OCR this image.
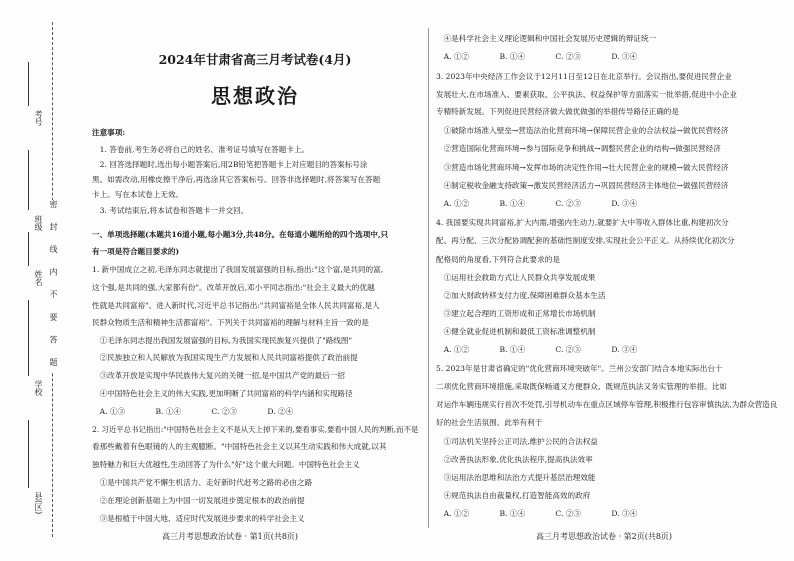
考号
班级
姓名
学校
县(区)
密 封 线 内 不 要 答 题
2024年甘肃省高三月考试卷(4月)
思想政治
注意事项:
　1. 答卷前,考生务必将自己的姓名、准考证号填写在答题卡上。
　2. 回答选择题时,选出每小题答案后,用2B铅笔把答题卡上对应题目的答案标号涂
黑。如需改动,用橡皮擦干净后,再选涂其它答案标号。回答非选择题时,将答案写在答题
卡上。写在本试卷上无效。
　3. 考试结束后,将本试卷和答题卡一并交回。
一、单项选择题(本题共16道小题,每小题3分,共48分。在每道小题所给的四个选项中,只
有一项是符合题目要求的)
1. 新中国成立之初,毛泽东同志就提出了我国发展富强的目标,指出:"这个富,是共同的富,
这个强,是共同的强,大家都有份"。改革开放后,邓小平同志指出:"社会主义最大的优越
性就是共同富裕"。进入新时代,习近平总书记指出:"共同富裕是全体人民共同富裕,是人
民群众物质生活和精神生活都富裕"。下列关于共同富裕的理解与材料主旨一致的是
　①毛泽东同志提出我国发展富强的目标,为我国实现民族复兴提供了"路线图"
　②民族独立和人民解放为我国实现生产力发展和人民共同富裕提供了政治前提
　③改革开放是实现中华民族伟大复兴的关键一招,是中国共产党的最后一招
　④中国特色社会主义的伟大实践,更加明晰了共同富裕的科学内涵和实现路径
　A. ①③　　　　B. ①④　　　　C. ②③　　　　D. ②④
2. 习近平总书记指出:"中国特色社会主义不是从天上掉下来的,要看事实,要看中国人民的判断,而不是
看那些戴着有色眼镜的人的主观臆断。"中国特色社会主义以其生动实践和伟大成就,以其
独特魅力和巨大优越性,生动回答了为什么"好"这个重大问题。中国特色社会主义
　①是中国共产党不懈生机活力、走好新时代赶考之路的必由之路
　②在理论创新基础上为中国一切发展进步奠定根本的政治前提
　③是根植于中国大地、适应时代发展进步要求的科学社会主义
高三月考思想政治试卷 · 第1页(共8页)
　④是科学社会主义理论逻辑和中国社会发展历史逻辑的辩证统一
　A. ①②　　　　B. ①④　　　　C. ②③　　　　D. ③④
3. 2023年中央经济工作会议于12月11日至12日在北京举行。会议指出,要促进民营企业
发展壮大,在市场准入、要素获取、公平执法、权益保护等方面落实一批举措,促进中小企业
专精特新发展。下列促进民营经济做大做优做强的举措传导路径正确的是
　①破除市场准入壁垒→营造法治化营商环境→保障民营企业的合法权益→做优民营经济
　②营造国际化营商环境→参与国际竞争和挑战→调整民营企业的结构→做强民营经济
　③营造市场化营商环境→发挥市场的决定性作用→壮大民营企业的规模→做大民营经济
　④制定税收金融支持政策→激发民营经济活力→巩固民营经济主体地位→做强民营经济
　A. ①②　　　　B. ①④　　　　C. ②③　　　　D. ③④
4. 我国要实现共同富裕,扩大内需,增强内生动力,就要扩大中等收入群体比重,构建初次分
配、再分配、三次分配协调配套的基础性制度安排,实现社会公平正义。从持续优化初次分
配格局的角度看,下列符合此要求的是
　①运用社会救助方式让人民群众共享发展成果
　②加大财政转移支付力度,保障困难群众基本生活
　③建立起合理的工资形成和正常增长市场机制
　④健全就业促进机制和最低工资标准调整机制
　A. ①②　　　　B. ①④　　　　C. ②③　　　　D. ③④
5. 2023年是甘肃省确定的"优化营商环境突破年"。兰州公安部门结合本地实际出台十
二项优化营商环境措施,采取既保畅通又方便群众、既规范执法又务实管理的举措。比如
对运作车辆违规实行首次不处罚,引导机动车在重点区域停车管理,积极推行包容审慎执法,为群众营造良
好的社会生活氛围。此举有利于
　①司法机关坚持公正司法,维护公民的合法权益
　②改善执法形象,优化执法程序,提高执法效率
　③运用法治思维和法治方式提升基层治理效能
　④规范执法自由裁量权,打造智能高效的政府
　A. ①②　　　　B. ①④　　　　C. ②③　　　　D. ③④
高三月考思想政治试卷 · 第2页(共8页)
